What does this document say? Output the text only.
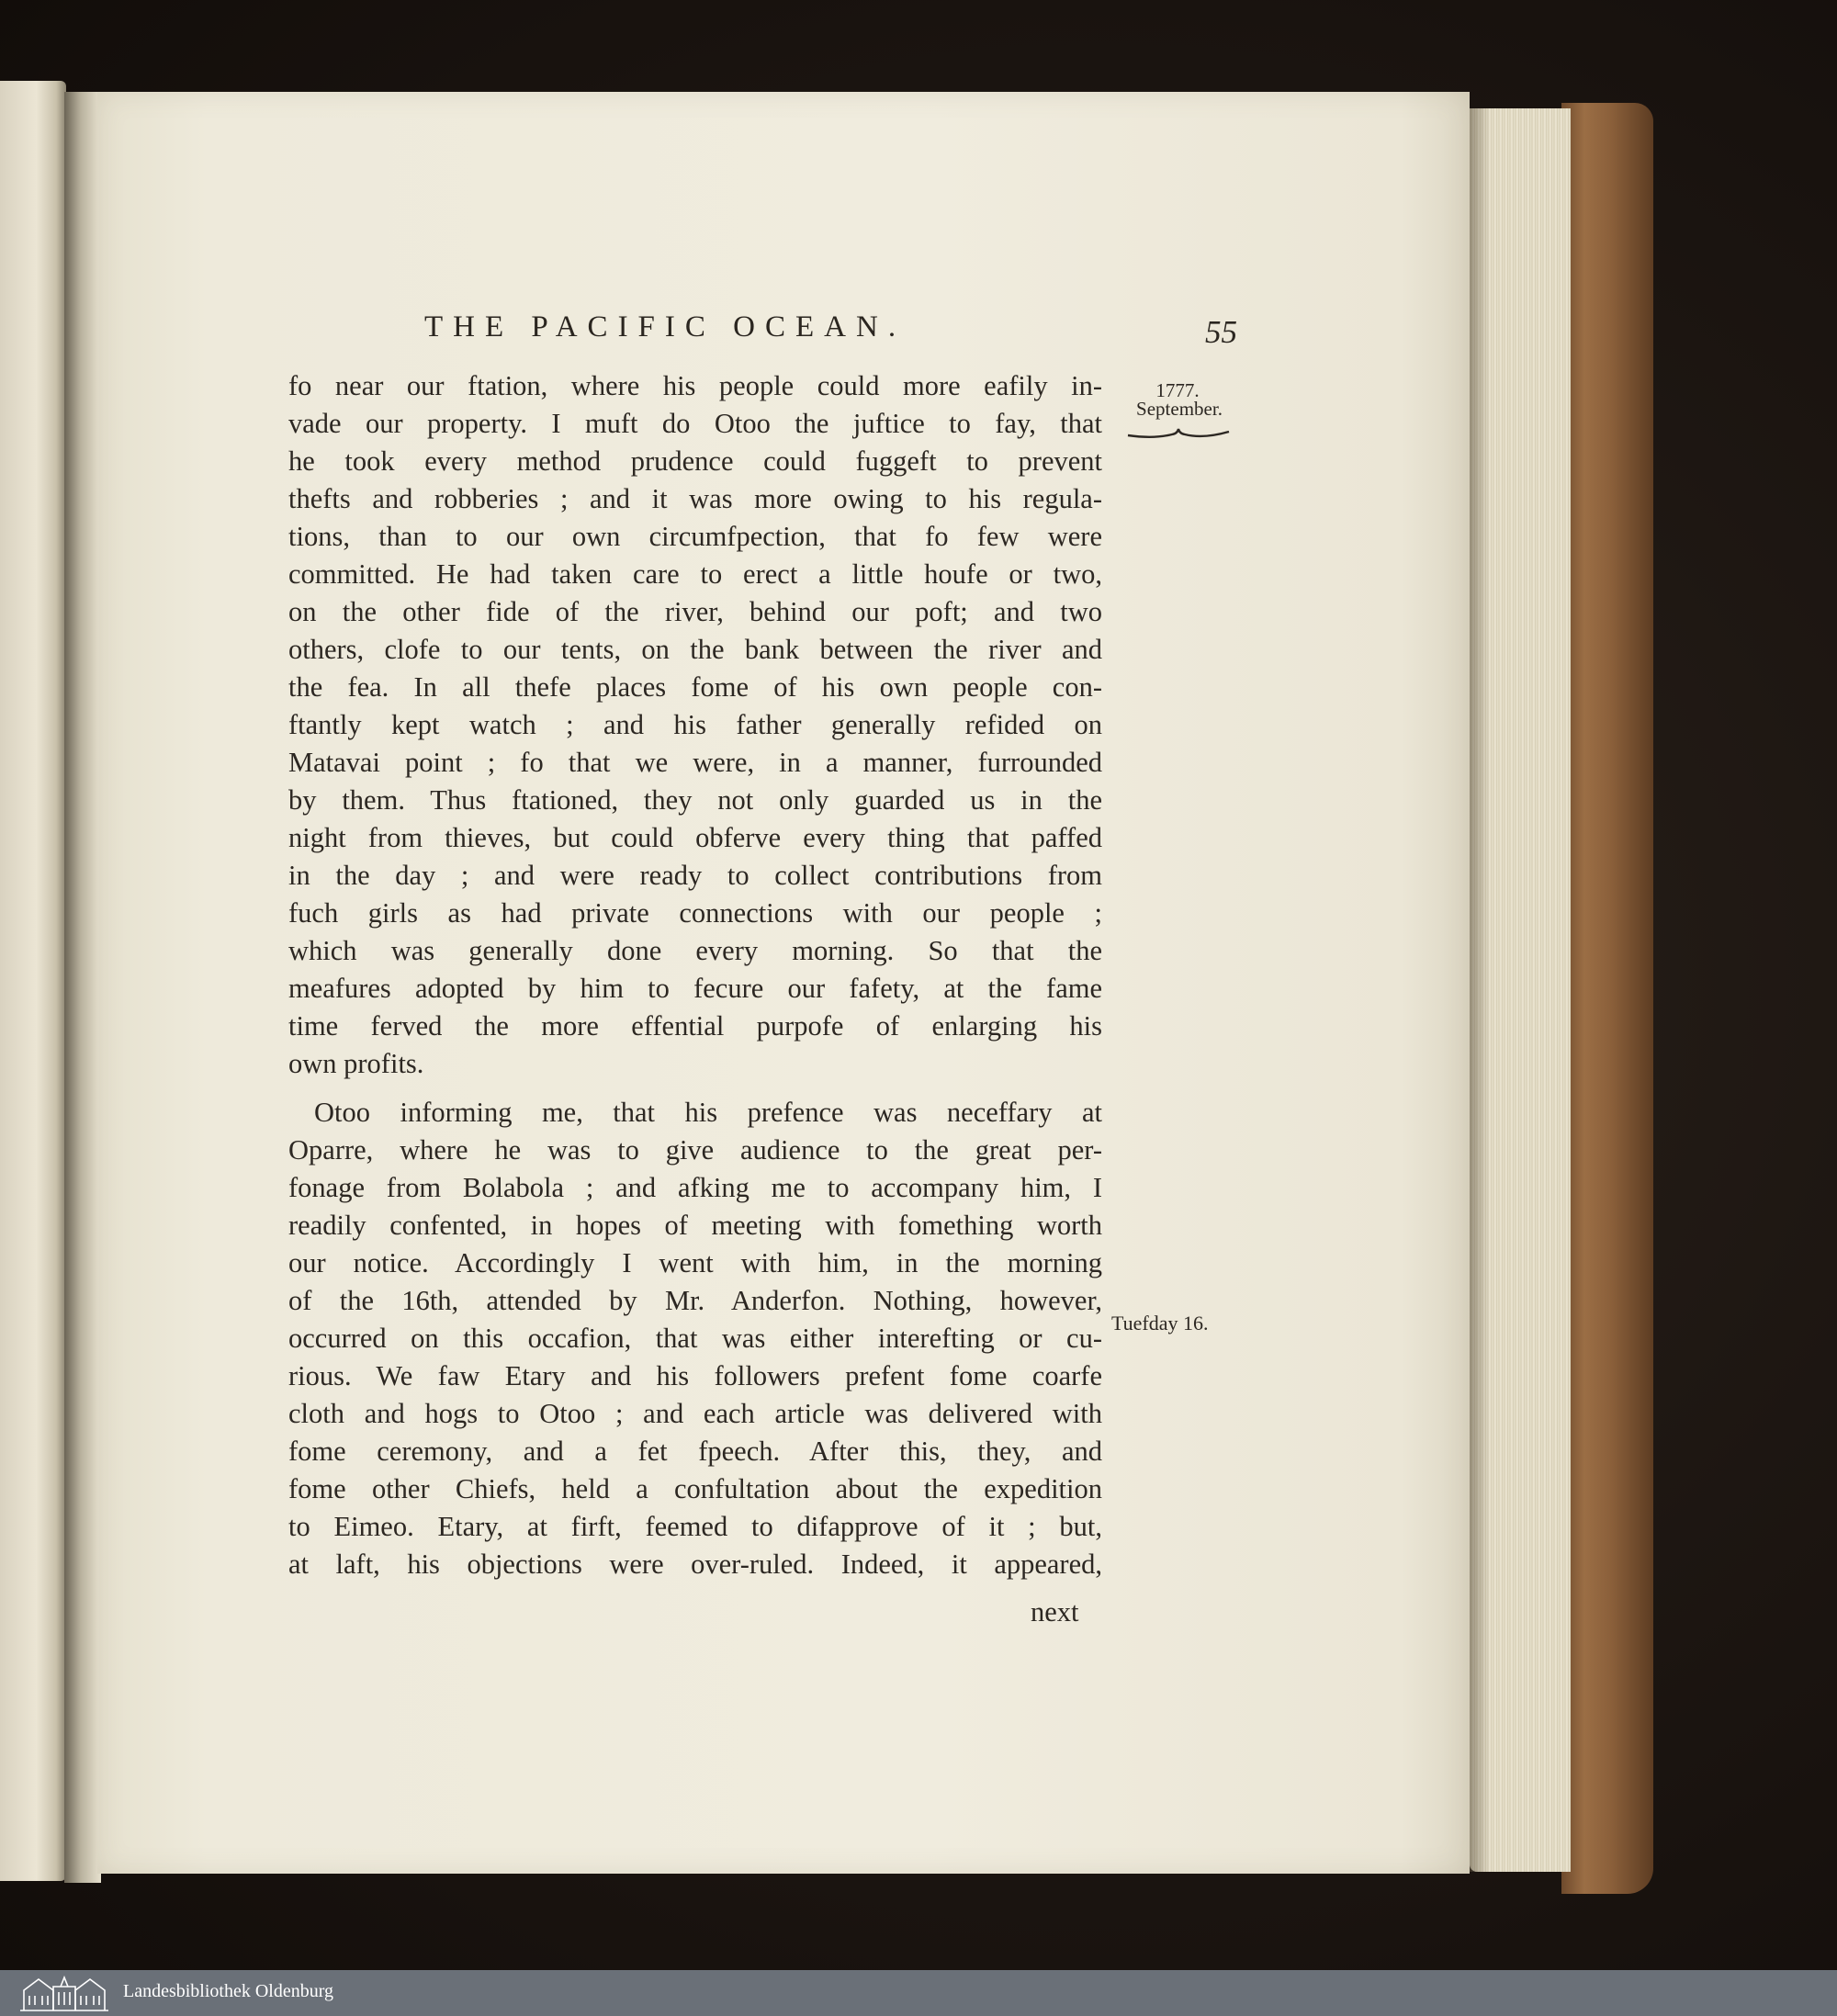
THE PACIFIC OCEAN.	55
1777.
September.
Tuefday 16.
fo near our ftation, where his people could more eafily in-
vade our property. I muft do Otoo the juftice to fay, that
he took every method prudence could fuggeft to prevent
thefts and robberies ; and it was more owing to his regula-
tions, than to our own circumfpection, that fo few were
committed. He had taken care to erect a little houfe or two,
on the other fide of the river, behind our poft; and two
others, clofe to our tents, on the bank between the river and
the fea. In all thefe places fome of his own people con-
ftantly kept watch ; and his father generally refided on
Matavai point ; fo that we were, in a manner, furrounded
by them. Thus ftationed, they not only guarded us in the
night from thieves, but could obferve every thing that paffed
in the day ; and were ready to collect contributions from
fuch girls as had private connections with our people ;
which was generally done every morning. So that the
meafures adopted by him to fecure our fafety, at the fame
time ferved the more effential purpofe of enlarging his
own profits.
Otoo informing me, that his prefence was neceffary at
Oparre, where he was to give audience to the great per-
fonage from Bolabola ; and afking me to accompany him, I
readily confented, in hopes of meeting with fomething worth
our notice. Accordingly I went with him, in the morning
of the 16th, attended by Mr. Anderfon. Nothing, however,
occurred on this occafion, that was either interefting or cu-
rious. We faw Etary and his followers prefent fome coarfe
cloth and hogs to Otoo ; and each article was delivered with
fome ceremony, and a fet fpeech. After this, they, and
fome other Chiefs, held a confultation about the expedition
to Eimeo. Etary, at firft, feemed to difapprove of it ; but,
at laft, his objections were over-ruled. Indeed, it appeared,
next
Landesbibliothek Oldenburg
